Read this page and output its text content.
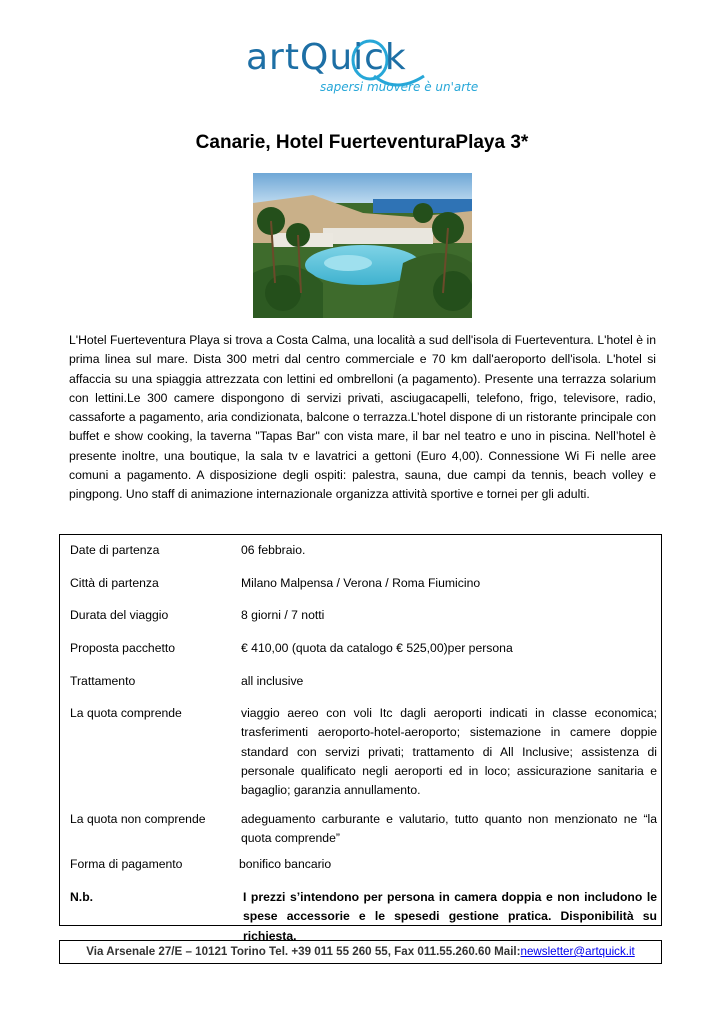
artQuick
sapersi muovere è un'arte
Canarie, Hotel FuerteventuraPlaya 3*
L'Hotel Fuerteventura Playa si trova a Costa Calma, una località a sud dell'isola di Fuerteventura. L'hotel è in prima linea sul mare. Dista 300 metri dal centro commerciale e 70 km dall'aeroporto dell'isola. L'hotel si affaccia su una spiaggia attrezzata con lettini ed ombrelloni (a pagamento). Presente una terrazza solarium con lettini.Le 300 camere dispongono di servizi privati, asciugacapelli, telefono, frigo, televisore, radio, cassaforte a pagamento, aria condizionata, balcone o terrazza.L’hotel dispone di un ristorante principale con buffet e show cooking, la taverna "Tapas Bar" con vista mare, il bar nel teatro e uno in piscina. Nell’hotel è presente inoltre, una boutique, la sala tv e lavatrici a gettoni (Euro 4,00). Connessione Wi Fi nelle aree comuni a pagamento. A disposizione degli ospiti: palestra, sauna, due campi da tennis, beach volley e pingpong. Uno staff di animazione internazionale organizza attività sportive e tornei per gli adulti.
Date di partenza	06 febbraio.
Città di partenza	Milano Malpensa / Verona / Roma Fiumicino
Durata del viaggio	8 giorni / 7 notti
Proposta pacchetto	€ 410,00 (quota da catalogo € 525,00)per persona
Trattamento	all inclusive
La quota comprende	viaggio aereo con voli Itc dagli aeroporti indicati in classe economica; trasferimenti aeroporto-hotel-aeroporto; sistemazione in camere doppie standard con servizi privati; trattamento di All Inclusive; assistenza di personale qualificato negli aeroporti ed in loco; assicurazione sanitaria e bagaglio; garanzia annullamento.
La quota non comprende	adeguamento carburante e valutario, tutto quanto non menzionato ne “la quota comprende”
Forma di pagamento	bonifico bancario
N.b.	I prezzi s’intendono per persona in camera doppia e non includono le spese accessorie e le spesedi gestione pratica. Disponibilità su richiesta.
Via Arsenale 27/E – 10121 Torino Tel. +39 011 55 260 55, Fax 011.55.260.60 Mail:newsletter@artquick.it
